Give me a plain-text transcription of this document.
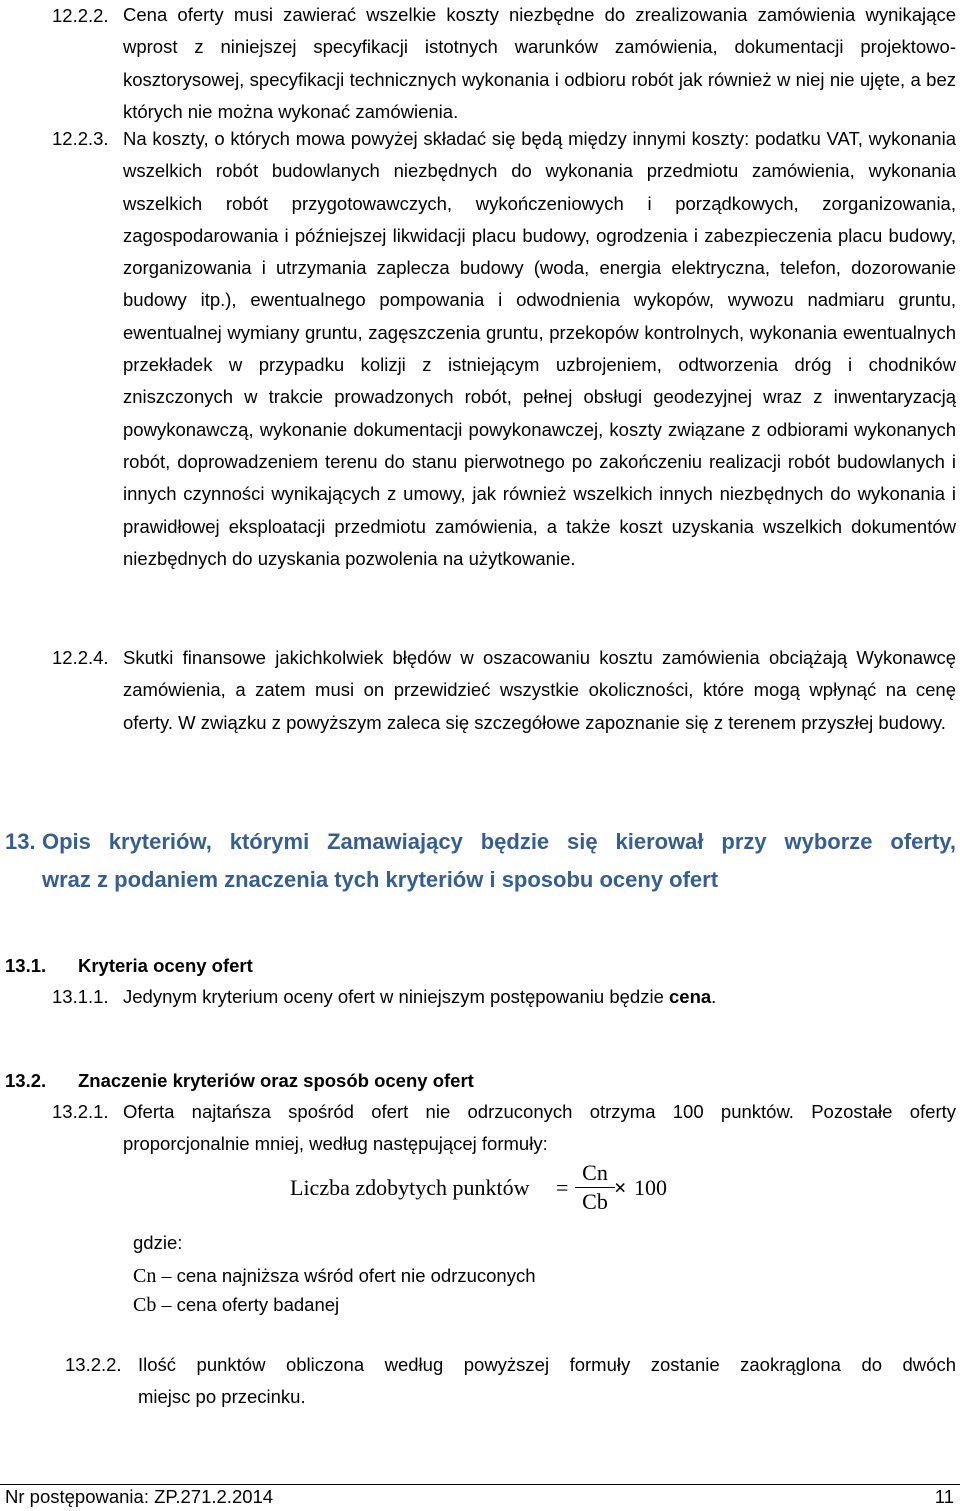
12.2.2. Cena oferty musi zawierać wszelkie koszty niezbędne do zrealizowania zamówienia wynikające wprost z niniejszej specyfikacji istotnych warunków zamówienia, dokumentacji projektowo-kosztorysowej, specyfikacji technicznych wykonania i odbioru robót jak również w niej nie ujęte, a bez których nie można wykonać zamówienia.
12.2.3. Na koszty, o których mowa powyżej składać się będą między innymi koszty: podatku VAT, wykonania wszelkich robót budowlanych niezbędnych do wykonania przedmiotu zamówienia, wykonania wszelkich robót przygotowawczych, wykończeniowych i porządkowych, zorganizowania, zagospodarowania i późniejszej likwidacji placu budowy, ogrodzenia i zabezpieczenia placu budowy, zorganizowania i utrzymania zaplecza budowy (woda, energia elektryczna, telefon, dozorowanie budowy itp.), ewentualnego pompowania i odwodnienia wykopów, wywozu nadmiaru gruntu, ewentualnej wymiany gruntu, zagęszczenia gruntu, przekopów kontrolnych, wykonania ewentualnych przekładek w przypadku kolizji z istniejącym uzbrojeniem, odtworzenia dróg i chodników zniszczonych w trakcie prowadzonych robót, pełnej obsługi geodezyjnej wraz z inwentaryzacją powykonawczą, wykonanie dokumentacji powykonawczej, koszty związane z odbiorami wykonanych robót, doprowadzeniem terenu do stanu pierwotnego po zakończeniu realizacji robót budowlanych i innych czynności wynikających z umowy, jak również wszelkich innych niezbędnych do wykonania i prawidłowej eksploatacji przedmiotu zamówienia, a także koszt uzyskania wszelkich dokumentów niezbędnych do uzyskania pozwolenia na użytkowanie.
12.2.4. Skutki finansowe jakichkolwiek błędów w oszacowaniu kosztu zamówienia obciążają Wykonawcę zamówienia, a zatem musi on przewidzieć wszystkie okoliczności, które mogą wpłynąć na cenę oferty. W związku z powyższym zaleca się szczegółowe zapoznanie się z terenem przyszłej budowy.
13. Opis kryteriów, którymi Zamawiający będzie się kierował przy wyborze oferty,
wraz z podaniem znaczenia tych kryteriów i sposobu oceny ofert
13.1. Kryteria oceny ofert
13.1.1. Jedynym kryterium oceny ofert w niniejszym postępowaniu będzie cena.
13.2. Znaczenie kryteriów oraz sposób oceny ofert
13.2.1. Oferta najtańsza spośród ofert nie odrzuconych otrzyma 100 punktów. Pozostałe oferty
proporcjonalnie mniej, według następującej formuły:
Liczba zdobytych punktów =
Cn
Cb
× 100
gdzie:
Cn – cena najniższa wśród ofert nie odrzuconych
Cb – cena oferty badanej
13.2.2. Ilość punktów obliczona według powyższej formuły zostanie zaokrąglona do dwóch
miejsc po przecinku.
Nr postępowania: ZP.271.2.2014	11
